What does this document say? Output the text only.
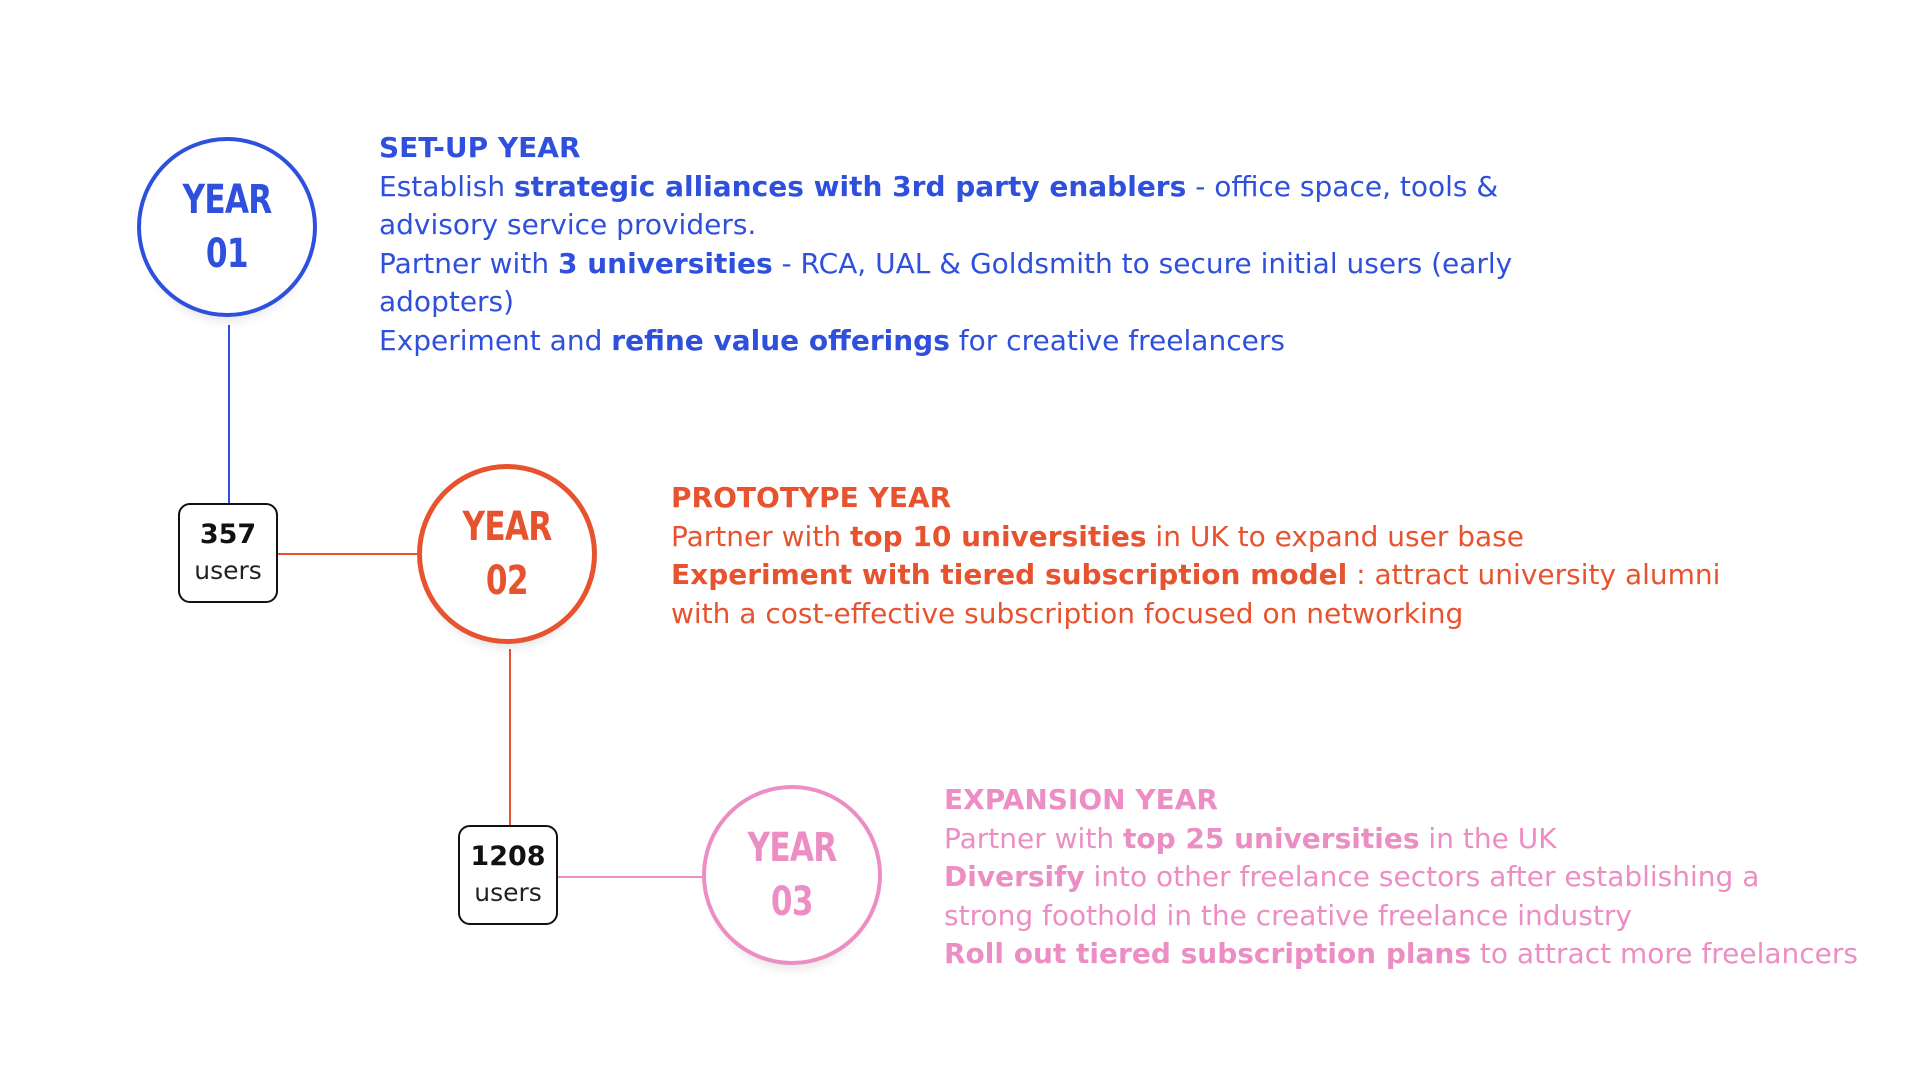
YEAR
01
YEAR
02
YEAR
03
357
users
1208
users

SET-UP YEAR

Establish strategic alliances with 3rd party enablers - office space, tools &

advisory service providers.

Partner with 3 universities - RCA, UAL & Goldsmith to secure initial users (early

adopters)

Experiment and refine value offerings for creative freelancers

PROTOTYPE YEAR

Partner with top 10 universities in UK to expand user base

Experiment with tiered subscription model : attract university alumni

with a cost-effective subscription focused on networking

EXPANSION YEAR

Partner with top 25 universities in the UK

Diversify into other freelance sectors after establishing a

strong foothold in the creative freelance industry

Roll out tiered subscription plans to attract more freelancers
